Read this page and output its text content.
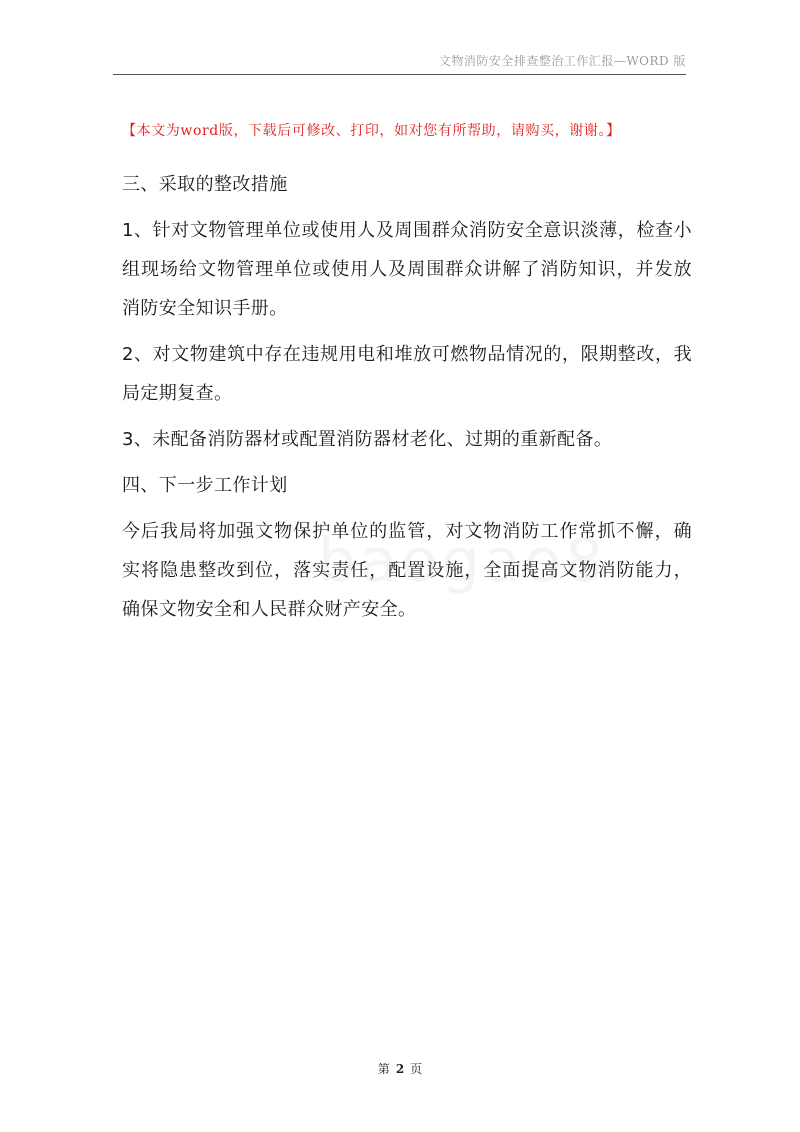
文物消防安全排查整治工作汇报—WORD 版
【本文为word版，下载后可修改、打印，如对您有所帮助，请购买，谢谢。】

三、采取的整改措施

1、针对文物管理单位或使用人及周围群众消防安全意识淡薄，检查小组现场给文物管理单位或使用人及周围群众讲解了消防知识，并发放消防安全知识手册。

2、对文物建筑中存在违规用电和堆放可燃物品情况的，限期整改，我局定期复查。

3、未配备消防器材或配置消防器材老化、过期的重新配备。

四、下一步工作计划

今后我局将加强文物保护单位的监管，对文物消防工作常抓不懈，确实将隐患整改到位，落实责任，配置设施，全面提高文物消防能力，确保文物安全和人民群众财产安全。

第 2 页
